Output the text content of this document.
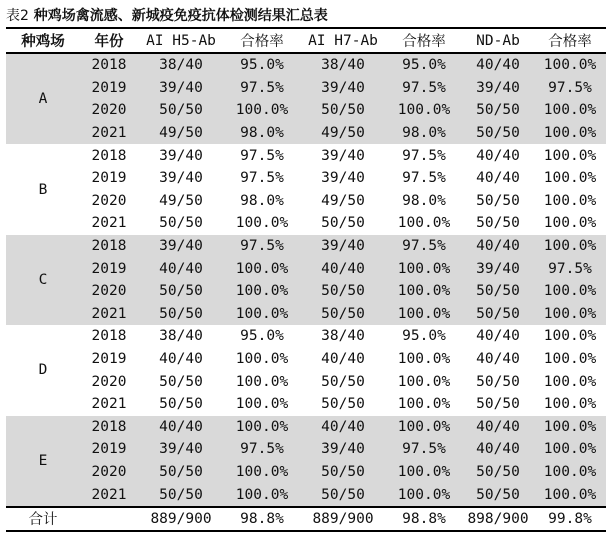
表2 种鸡场禽流感、新城疫免疫抗体检测结果汇总表
种鸡场	年份	AI H5-Ab	合格率	AI H7-Ab	合格率	ND-Ab	合格率
A	2018	38/40	95.0%	38/40	95.0%	40/40	100.0%
	2019	39/40	97.5%	39/40	97.5%	39/40	97.5%
	2020	50/50	100.0%	50/50	100.0%	50/50	100.0%
	2021	49/50	98.0%	49/50	98.0%	50/50	100.0%
B	2018	39/40	97.5%	39/40	97.5%	40/40	100.0%
	2019	39/40	97.5%	39/40	97.5%	40/40	100.0%
	2020	49/50	98.0%	49/50	98.0%	50/50	100.0%
	2021	50/50	100.0%	50/50	100.0%	50/50	100.0%
C	2018	39/40	97.5%	39/40	97.5%	40/40	100.0%
	2019	40/40	100.0%	40/40	100.0%	39/40	97.5%
	2020	50/50	100.0%	50/50	100.0%	50/50	100.0%
	2021	50/50	100.0%	50/50	100.0%	50/50	100.0%
D	2018	38/40	95.0%	38/40	95.0%	40/40	100.0%
	2019	40/40	100.0%	40/40	100.0%	40/40	100.0%
	2020	50/50	100.0%	50/50	100.0%	50/50	100.0%
	2021	50/50	100.0%	50/50	100.0%	50/50	100.0%
E	2018	40/40	100.0%	40/40	100.0%	40/40	100.0%
	2019	39/40	97.5%	39/40	97.5%	40/40	100.0%
	2020	50/50	100.0%	50/50	100.0%	50/50	100.0%
	2021	50/50	100.0%	50/50	100.0%	50/50	100.0%
合计		889/900	98.8%	889/900	98.8%	898/900	99.8%
